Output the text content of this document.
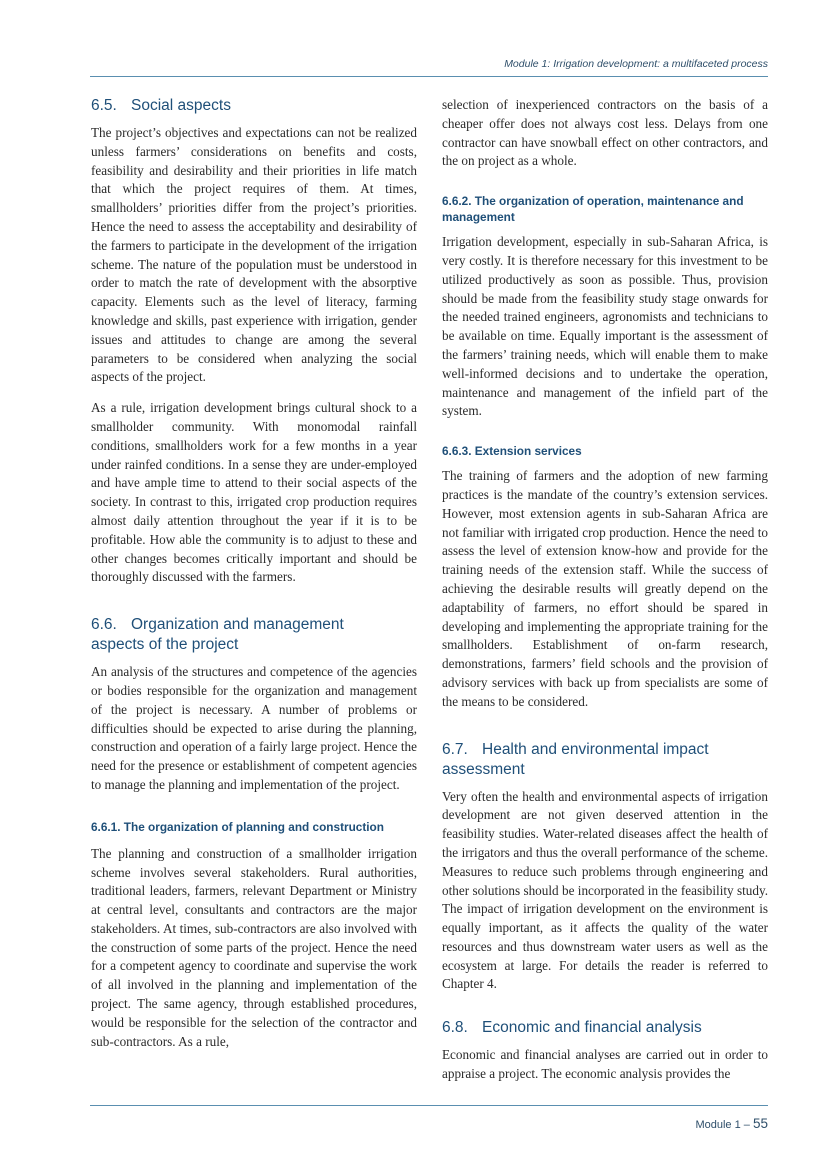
Module 1: Irrigation development: a multifaceted process
6.5. Social aspects

The project’s objectives and expectations can not be realized unless farmers’ considerations on benefits and costs, feasibility and desirability and their priorities in life match that which the project requires of them. At times, smallholders’ priorities differ from the project’s priorities. Hence the need to assess the acceptability and desirability of the farmers to participate in the development of the irrigation scheme. The nature of the population must be understood in order to match the rate of development with the absorptive capacity. Elements such as the level of literacy, farming knowledge and skills, past experience with irrigation, gender issues and attitudes to change are among the several parameters to be considered when analyzing the social aspects of the project.

As a rule, irrigation development brings cultural shock to a smallholder community. With monomodal rainfall conditions, smallholders work for a few months in a year under rainfed conditions. In a sense they are under-employed and have ample time to attend to their social aspects of the society. In contrast to this, irrigated crop production requires almost daily attention throughout the year if it is to be profitable. How able the community is to adjust to these and other changes becomes critically important and should be thoroughly discussed with the farmers.

6.6. Organization and management
aspects of the project

An analysis of the structures and competence of the agencies or bodies responsible for the organization and management of the project is necessary. A number of problems or difficulties should be expected to arise during the planning, construction and operation of a fairly large project. Hence the need for the presence or establishment of competent agencies to manage the planning and implementation of the project.

6.6.1. The organization of planning and construction

The planning and construction of a smallholder irrigation scheme involves several stakeholders. Rural authorities, traditional leaders, farmers, relevant Department or Ministry at central level, consultants and contractors are the major stakeholders. At times, sub-contractors are also involved with the construction of some parts of the project. Hence the need for a competent agency to coordinate and supervise the work of all involved in the planning and implementation of the project. The same agency, through established procedures, would be responsible for the selection of the contractor and sub-contractors. As a rule,

selection of inexperienced contractors on the basis of a cheaper offer does not always cost less. Delays from one contractor can have snowball effect on other contractors, and the on project as a whole.

6.6.2. The organization of operation, maintenance and management

Irrigation development, especially in sub-Saharan Africa, is very costly. It is therefore necessary for this investment to be utilized productively as soon as possible. Thus, provision should be made from the feasibility study stage onwards for the needed trained engineers, agronomists and technicians to be available on time. Equally important is the assessment of the farmers’ training needs, which will enable them to make well-informed decisions and to undertake the operation, maintenance and management of the infield part of the system.

6.6.3. Extension services

The training of farmers and the adoption of new farming practices is the mandate of the country’s extension services. However, most extension agents in sub-Saharan Africa are not familiar with irrigated crop production. Hence the need to assess the level of extension know-how and provide for the training needs of the extension staff. While the success of achieving the desirable results will greatly depend on the adaptability of farmers, no effort should be spared in developing and implementing the appropriate training for the smallholders. Establishment of on-farm research, demonstrations, farmers’ field schools and the provision of advisory services with back up from specialists are some of the means to be considered.

6.7. Health and environmental impact
assessment

Very often the health and environmental aspects of irrigation development are not given deserved attention in the feasibility studies. Water-related diseases affect the health of the irrigators and thus the overall performance of the scheme. Measures to reduce such problems through engineering and other solutions should be incorporated in the feasibility study. The impact of irrigation development on the environment is equally important, as it affects the quality of the water resources and thus downstream water users as well as the ecosystem at large. For details the reader is referred to Chapter 4.

6.8. Economic and financial analysis

Economic and financial analyses are carried out in order to appraise a project. The economic analysis provides the

Module 1 – 55
